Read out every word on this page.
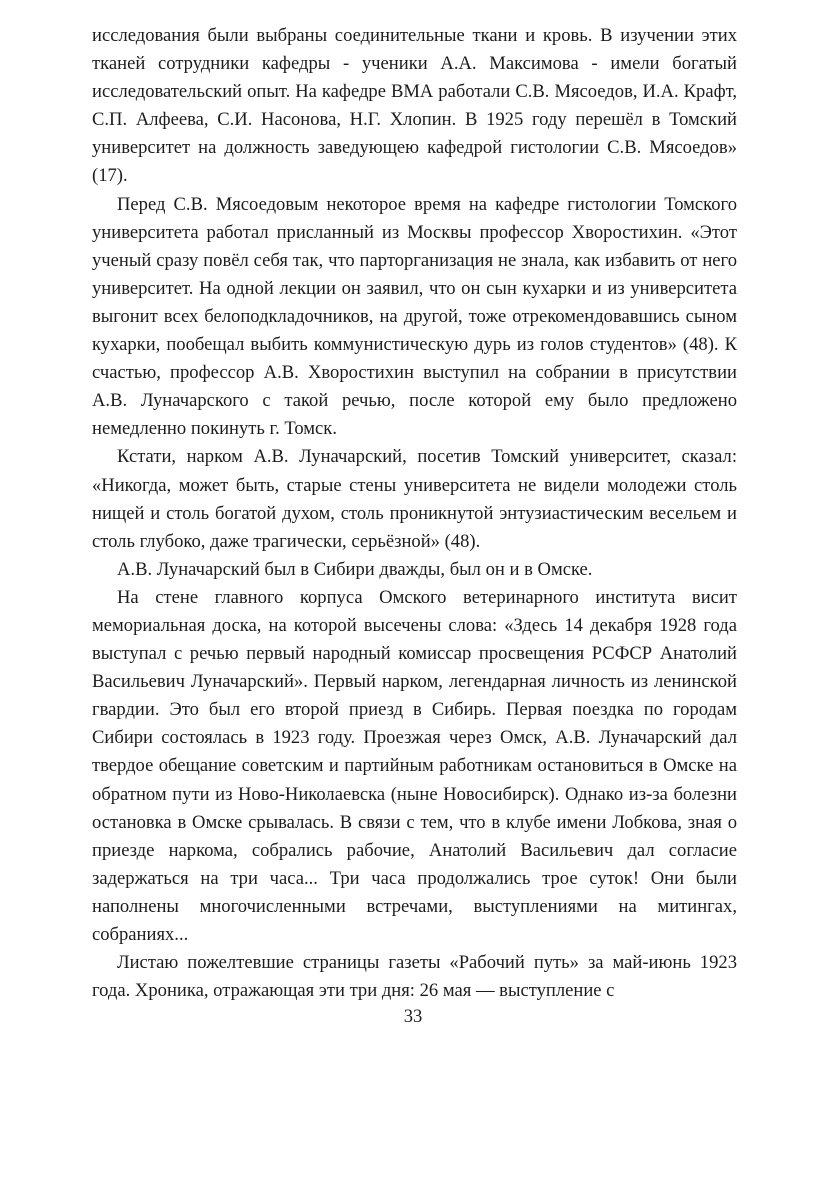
исследования были выбраны соединительные ткани и кровь. В изучении этих тканей сотрудники кафедры - ученики А.А. Максимова - имели богатый исследовательский опыт. На кафедре ВМА работали С.В. Мясоедов, И.А. Крафт, С.П. Алфеева, С.И. Насонова, Н.Г. Хлопин. В 1925 году перешёл в Томский университет на должность заведующею кафедрой гистологии С.В. Мясоедов» (17).

Перед С.В. Мясоедовым некоторое время на кафедре гистологии Томского университета работал присланный из Москвы профессор Хворостихин. «Этот ученый сразу повёл себя так, что парторганизация не знала, как избавить от него университет. На одной лекции он заявил, что он сын кухарки и из университета выгонит всех белоподкладочников, на другой, тоже отрекомендовавшись сыном кухарки, пообещал выбить коммунистическую дурь из голов студентов» (48). К счастью, профессор А.В. Хворостихин выступил на собрании в присутствии А.В. Луначарского с такой речью, после которой ему было предложено немедленно покинуть г. Томск.

Кстати, нарком А.В. Луначарский, посетив Томский университет, сказал: «Никогда, может быть, старые стены университета не видели молодежи столь нищей и столь богатой духом, столь проникнутой энтузиастическим весельем и столь глубоко, даже трагически, серьёзной» (48).

А.В. Луначарский был в Сибири дважды, был он и в Омске.

На стене главного корпуса Омского ветеринарного института висит мемориальная доска, на которой высечены слова: «Здесь 14 декабря 1928 года выступал с речью первый народный комиссар просвещения РСФСР Анатолий Васильевич Луначарский». Первый нарком, легендарная личность из ленинской гвардии. Это был его второй приезд в Сибирь. Первая поездка по городам Сибири состоялась в 1923 году. Проезжая через Омск, А.В. Луначарский дал твердое обещание советским и партийным работникам остановиться в Омске на обратном пути из Ново-Николаевска (ныне Новосибирск). Однако из-за болезни остановка в Омске срывалась. В связи с тем, что в клубе имени Лобкова, зная о приезде наркома, собрались рабочие, Анатолий Васильевич дал согласие задержаться на три часа... Три часа продолжались трое суток! Они были наполнены многочисленными встречами, выступлениями на митингах, собраниях...

Листаю пожелтевшие страницы газеты «Рабочий путь» за май-июнь 1923 года. Хроника, отражающая эти три дня: 26 мая — выступление с

33
